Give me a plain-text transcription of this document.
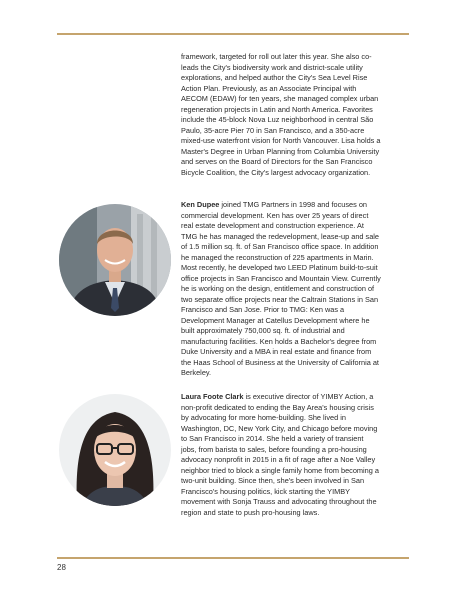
framework, targeted for roll out later this year. She also co-leads the City's biodiversity work and district-scale utility explorations, and helped author the City's Sea Level Rise Action Plan. Previously, as an Associate Principal with AECOM (EDAW) for ten years, she managed complex urban regeneration projects in Latin and North America. Favorites include the 45-block Nova Luz neighborhood in central São Paulo, 35-acre Pier 70 in San Francisco, and a 350-acre mixed-use waterfront vision for North Vancouver. Lisa holds a Master's Degree in Urban Planning from Columbia University and serves on the Board of Directors for the San Francisco Bicycle Coalition, the City's largest advocacy organization.

Ken Dupee joined TMG Partners in 1998 and focuses on commercial development. Ken has over 25 years of direct real estate development and construction experience. At TMG he has managed the redevelopment, lease-up and sale of 1.5 million sq. ft. of San Francisco office space. In addition he managed the reconstruction of 225 apartments in Marin. Most recently, he developed two LEED Platinum build-to-suit office projects in San Francisco and Mountain View. Currently he is working on the design, entitlement and construction of two separate office projects near the Caltrain Stations in San Francisco and San Jose. Prior to TMG: Ken was a Development Manager at Catellus Development where he built approximately 750,000 sq. ft. of industrial and manufacturing facilities. Ken holds a Bachelor's degree from Duke University and a MBA in real estate and finance from the Haas School of Business at the University of California at Berkeley.

Laura Foote Clark is executive director of YIMBY Action, a non-profit dedicated to ending the Bay Area's housing crisis by advocating for more home-building. She lived in Washington, DC, New York City, and Chicago before moving to San Francisco in 2014. She held a variety of transient jobs, from barista to sales, before founding a pro-housing advocacy nonprofit in 2015 in a fit of rage after a Noe Valley neighbor tried to block a single family home from becoming a two-unit building. Since then, she's been involved in San Francisco's housing politics, kick starting the YIMBY movement with Sonja Trauss and advocating throughout the region and state to push pro-housing laws.

28
